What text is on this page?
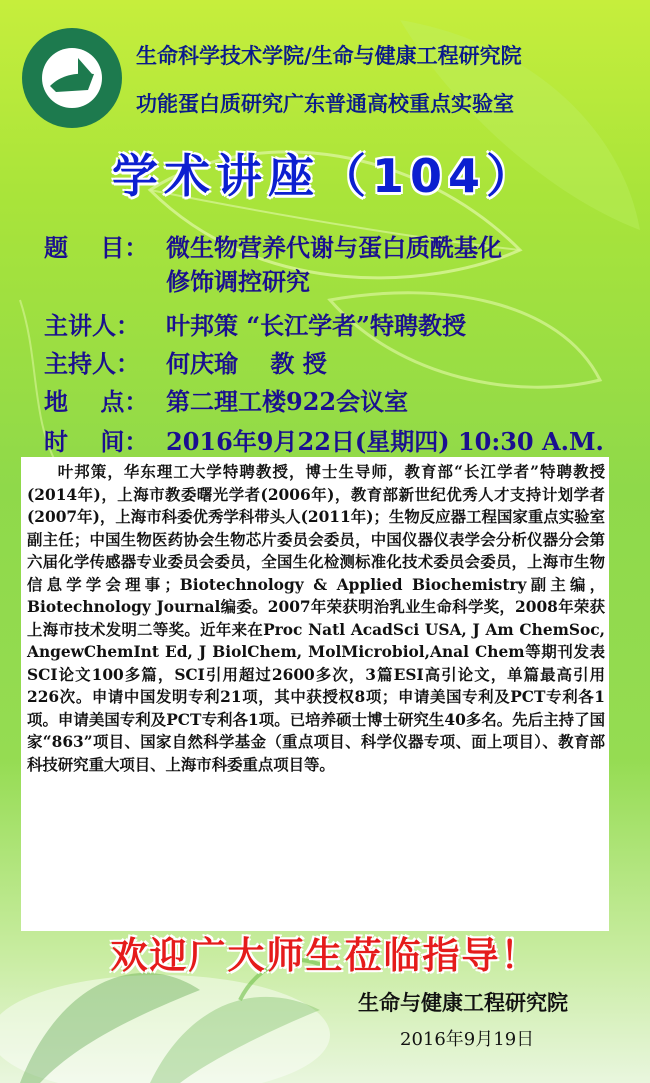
生命科学技术学院/生命与健康工程研究院
功能蛋白质研究广东普通高校重点实验室
学术讲座（104）
题　 目： 微生物营养代谢与蛋白质酰基化
修饰调控研究
主讲人： 叶邦策 “长江学者”特聘教授
主持人： 何庆瑜　 教 授
地　 点： 第二理工楼922会议室
时　 间： 2016年9月22日(星期四) 10:30 A.M.

叶邦策，华东理工大学特聘教授，博士生导师，教育部“长江学者”特聘教授(2014年)，上海市教委曙光学者(2006年)，教育部新世纪优秀人才支持计划学者(2007年)，上海市科委优秀学科带头人(2011年)；生物反应器工程国家重点实验室副主任；中国生物医药协会生物芯片委员会委员，中国仪器仪表学会分析仪器分会第六届化学传感器专业委员会委员，全国生化检测标准化技术委员会委员，上海市生物信息学学会理事；Biotechnology & Applied Biochemistry副主编，Biotechnology Journal编委。2007年荣获明治乳业生命科学奖，2008年荣获上海市技术发明二等奖。近年来在Proc Natl AcadSci USA, J Am ChemSoc, AngewChemInt Ed, J BiolChem, MolMicrobiol,Anal Chem等期刊发表SCI论文100多篇，SCI引用超过2600多次，3篇ESI高引论文，单篇最高引用226次。申请中国发明专利21项，其中获授权8项；申请美国专利及PCT专利各1项。申请美国专利及PCT专利各1项。已培养硕士博士研究生40多名。先后主持了国家“863”项目、国家自然科学基金（重点项目、科学仪器专项、面上项目）、教育部科技研究重大项目、上海市科委重点项目等。

欢迎广大师生莅临指导！
生命与健康工程研究院
2016年9月19日
